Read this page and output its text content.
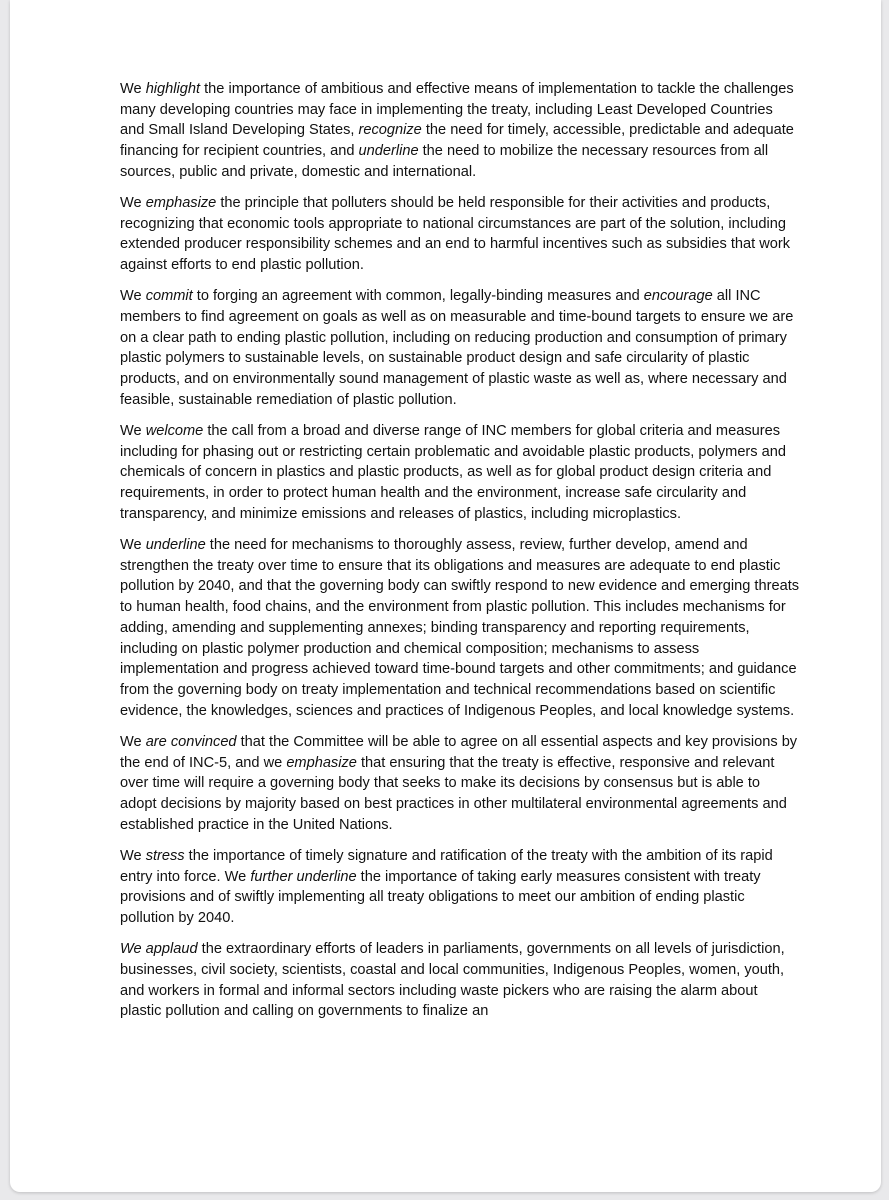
We highlight the importance of ambitious and effective means of implementation to tackle the challenges many developing countries may face in implementing the treaty, including Least Developed Countries and Small Island Developing States, recognize the need for timely, accessible, predictable and adequate financing for recipient countries, and underline the need to mobilize the necessary resources from all sources, public and private, domestic and international.

We emphasize the principle that polluters should be held responsible for their activities and products, recognizing that economic tools appropriate to national circumstances are part of the solution, including extended producer responsibility schemes and an end to harmful incentives such as subsidies that work against efforts to end plastic pollution.

We commit to forging an agreement with common, legally-binding measures and encourage all INC members to find agreement on goals as well as on measurable and time-bound targets to ensure we are on a clear path to ending plastic pollution, including on reducing production and consumption of primary plastic polymers to sustainable levels, on sustainable product design and safe circularity of plastic products, and on environmentally sound management of plastic waste as well as, where necessary and feasible, sustainable remediation of plastic pollution.

We welcome the call from a broad and diverse range of INC members for global criteria and measures including for phasing out or restricting certain problematic and avoidable plastic products, polymers and chemicals of concern in plastics and plastic products, as well as for global product design criteria and requirements, in order to protect human health and the environment, increase safe circularity and transparency, and minimize emissions and releases of plastics, including microplastics.

We underline the need for mechanisms to thoroughly assess, review, further develop, amend and strengthen the treaty over time to ensure that its obligations and measures are adequate to end plastic pollution by 2040, and that the governing body can swiftly respond to new evidence and emerging threats to human health, food chains, and the environment from plastic pollution. This includes mechanisms for adding, amending and supplementing annexes; binding transparency and reporting requirements, including on plastic polymer production and chemical composition; mechanisms to assess implementation and progress achieved toward time-bound targets and other commitments; and guidance from the governing body on treaty implementation and technical recommendations based on scientific evidence, the knowledges, sciences and practices of Indigenous Peoples, and local knowledge systems.

We are convinced that the Committee will be able to agree on all essential aspects and key provisions by the end of INC-5, and we emphasize that ensuring that the treaty is effective, responsive and relevant over time will require a governing body that seeks to make its decisions by consensus but is able to adopt decisions by majority based on best practices in other multilateral environmental agreements and established practice in the United Nations.

We stress the importance of timely signature and ratification of the treaty with the ambition of its rapid entry into force. We further underline the importance of taking early measures consistent with treaty provisions and of swiftly implementing all treaty obligations to meet our ambition of ending plastic pollution by 2040.

We applaud the extraordinary efforts of leaders in parliaments, governments on all levels of jurisdiction, businesses, civil society, scientists, coastal and local communities, Indigenous Peoples, women, youth, and workers in formal and informal sectors including waste pickers who are raising the alarm about plastic pollution and calling on governments to finalize an
